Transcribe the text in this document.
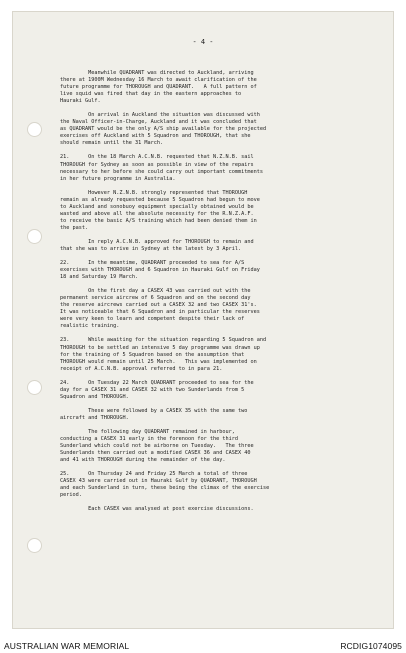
- 4 -

Meanwhile QUADRANT was directed to Auckland, arriving
there at 1900M Wednesday 16 March to await clarification of the
future programme for THOROUGH and QUADRANT.   A full pattern of
live squid was fired that day in the eastern approaches to
Hauraki Gulf.

On arrival in Auckland the situation was discussed with
the Naval Officer-in-Charge, Auckland and it was concluded that
as QUADRANT would be the only A/S ship available for the projected
exercises off Auckland with 5 Squadron and THOROUGH, that she
should remain until the 31 March.

21.      On the 18 March A.C.N.B. requested that N.Z.N.B. sail
THOROUGH for Sydney as soon as possible in view of the repairs
necessary to her before she could carry out important commitments
in her future programme in Australia.

However N.Z.N.B. strongly represented that THOROUGH
remain as already requested because 5 Squadron had begun to move
to Auckland and sonobuoy equipment specially obtained would be
wasted and above all the absolute necessity for the R.N.Z.A.F.
to receive the basic A/S training which had been denied them in
the past.

In reply A.C.N.B. approved for THOROUGH to remain and
that she was to arrive in Sydney at the latest by 3 April.

22.      In the meantime, QUADRANT proceeded to sea for A/S
exercises with THOROUGH and 6 Squadron in Hauraki Gulf on Friday
18 and Saturday 19 March.

On the first day a CASEX 43 was carried out with the
permanent service aircrew of 6 Squadron and on the second day
the reserve aircrews carried out a CASEX 32 and two CASEX 31's.
It was noticeable that 6 Squadron and in particular the reserves
were very keen to learn and competent despite their lack of
realistic training.

23.      While awaiting for the situation regarding 5 Squadron and
THOROUGH to be settled an intensive 5 day programme was drawn up
for the training of 5 Squadron based on the assumption that
THOROUGH would remain until 25 March.   This was implemented on
receipt of A.C.N.B. approval referred to in para 21.

24.      On Tuesday 22 March QUADRANT proceeded to sea for the
day for a CASEX 31 and CASEX 32 with two Sunderlands from 5
Squadron and THOROUGH.

These were followed by a CASEX 35 with the same two
aircraft and THOROUGH.

The following day QUADRANT remained in harbour,
conducting a CASEX 31 early in the forenoon for the third
Sunderland which could not be airborne on Tuesday.   The three
Sunderlands then carried out a modified CASEX 36 and CASEX 40
and 41 with THOROUGH during the remainder of the day.

25.      On Thursday 24 and Friday 25 March a total of three
CASEX 43 were carried out in Hauraki Gulf by QUADRANT, THOROUGH
and each Sunderland in turn, these being the climax of the exercise
period.

Each CASEX was analysed at post exercise discussions.

AUSTRALIAN WAR MEMORIAL	RCDIG1074095
